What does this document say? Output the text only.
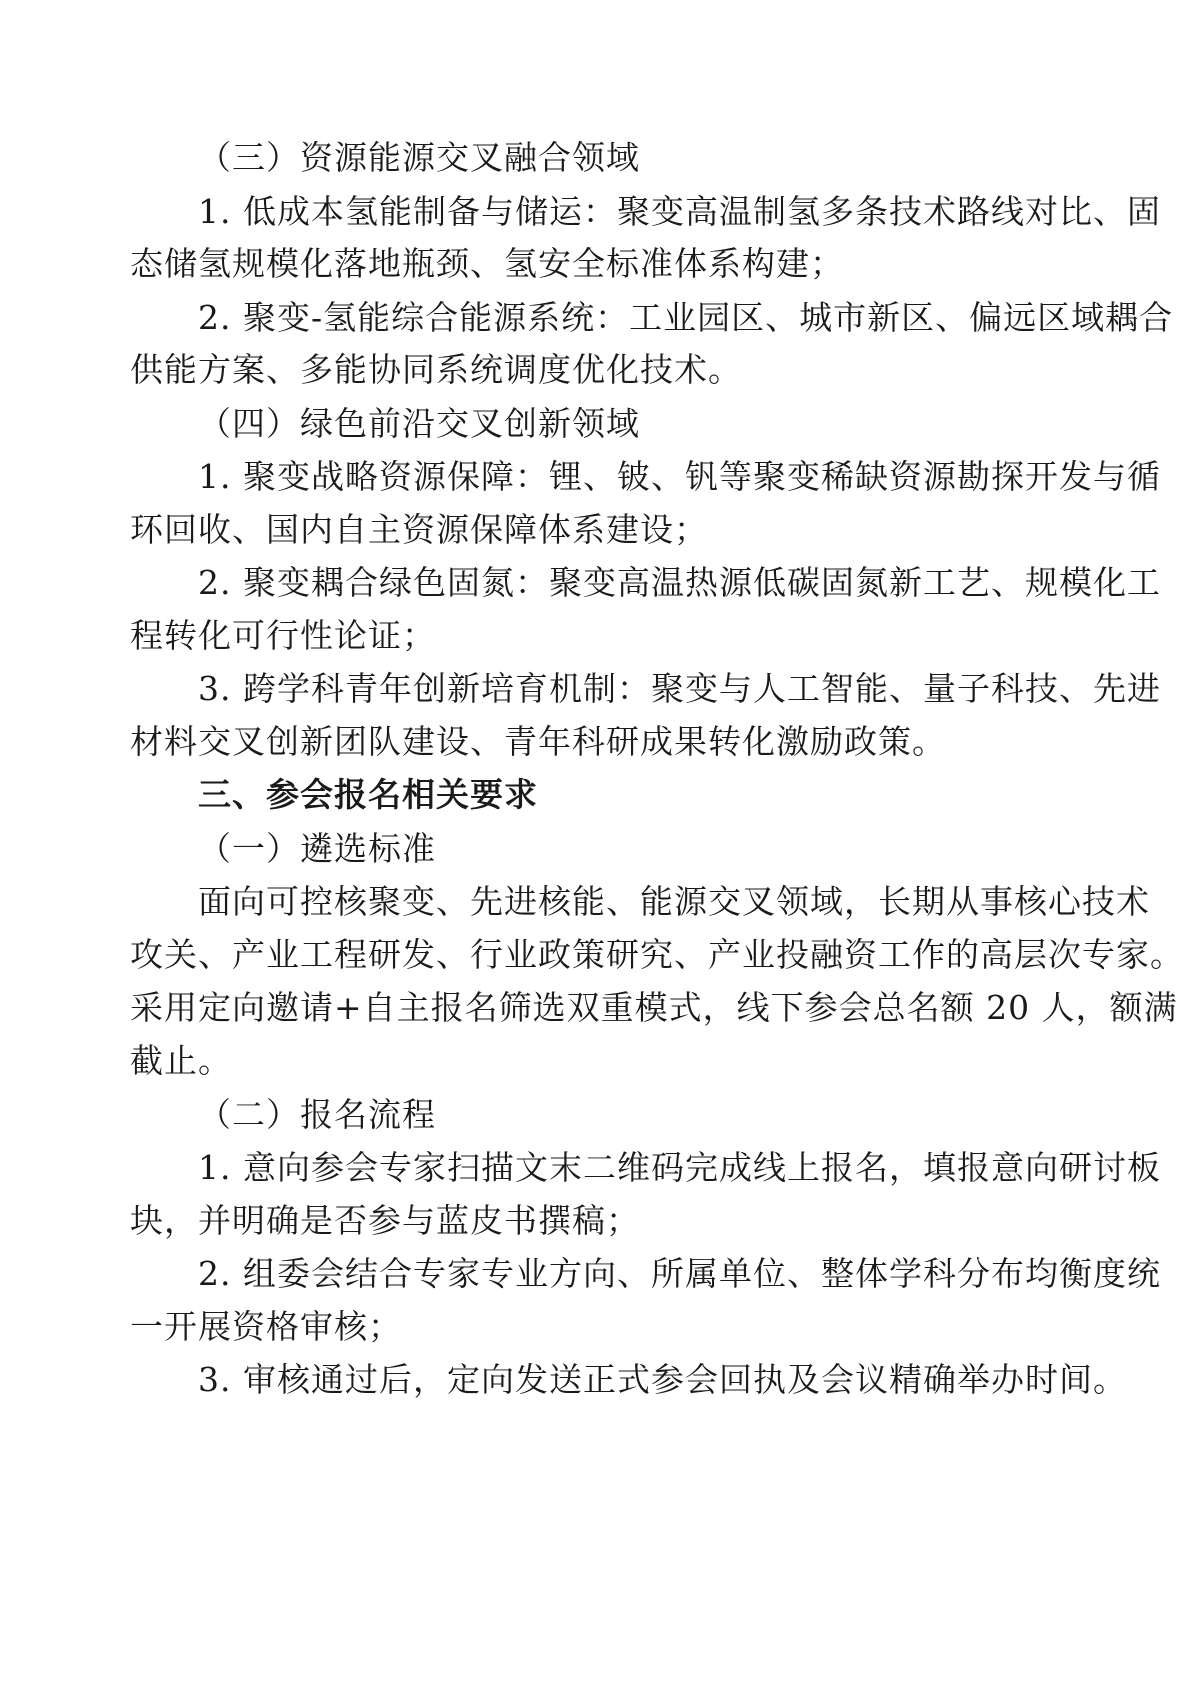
（三）资源能源交叉融合领域
1. 低成本氢能制备与储运：聚变高温制氢多条技术路线对比、固
态储氢规模化落地瓶颈、氢安全标准体系构建；
2. 聚变-氢能综合能源系统：工业园区、城市新区、偏远区域耦合
供能方案、多能协同系统调度优化技术。
（四）绿色前沿交叉创新领域
1. 聚变战略资源保障：锂、铍、钒等聚变稀缺资源勘探开发与循
环回收、国内自主资源保障体系建设；
2. 聚变耦合绿色固氮：聚变高温热源低碳固氮新工艺、规模化工
程转化可行性论证；
3. 跨学科青年创新培育机制：聚变与人工智能、量子科技、先进
材料交叉创新团队建设、青年科研成果转化激励政策。
三、参会报名相关要求
（一）遴选标准
面向可控核聚变、先进核能、能源交叉领域，长期从事核心技术
攻关、产业工程研发、行业政策研究、产业投融资工作的高层次专家。
采用定向邀请+自主报名筛选双重模式，线下参会总名额 20 人，额满
截止。
（二）报名流程
1. 意向参会专家扫描文末二维码完成线上报名，填报意向研讨板
块，并明确是否参与蓝皮书撰稿；
2. 组委会结合专家专业方向、所属单位、整体学科分布均衡度统
一开展资格审核；
3. 审核通过后，定向发送正式参会回执及会议精确举办时间。
